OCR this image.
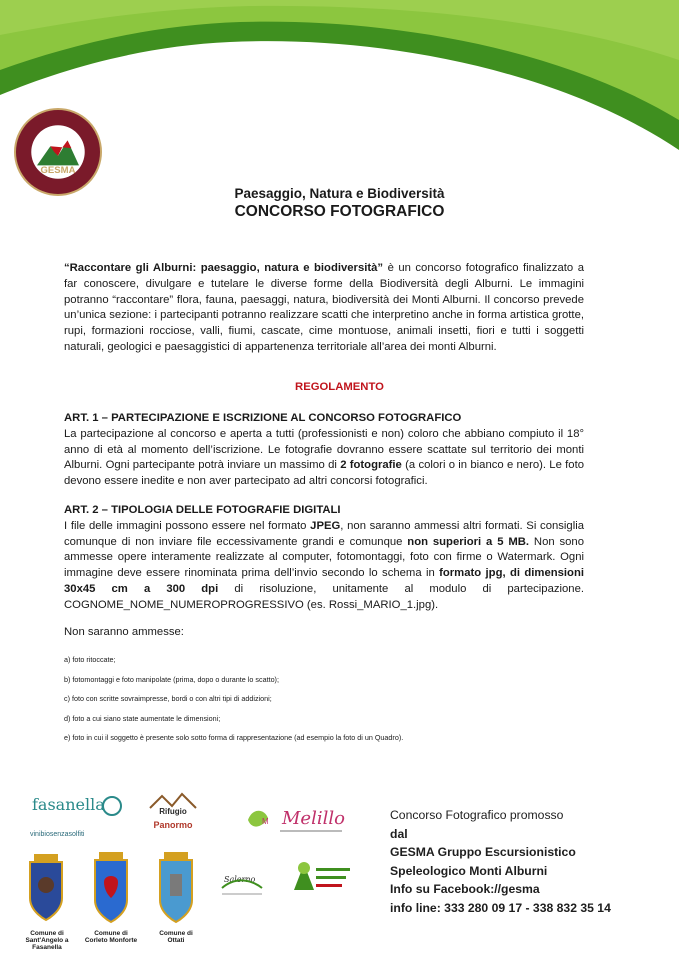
GESMA

Paesaggio, Natura e Biodiversità

CONCORSO FOTOGRAFICO

“Raccontare gli Alburni: paesaggio, natura e biodiversità” è un concorso fotografico finalizzato a far conoscere, divulgare e tutelare le diverse forme della Biodiversità degli Alburni. Le immagini potranno “raccontare” flora, fauna, paesaggi, natura, biodiversità dei Monti Alburni. Il concorso prevede un’unica sezione: i partecipanti potranno realizzare scatti che interpretino anche in forma artistica grotte, rupi, formazioni rocciose, valli, fiumi, cascate, cime montuose, animali insetti, fiori e tutti i soggetti naturali, geologici e paesaggistici di appartenenza territoriale all’area dei monti Alburni.
REGOLAMENTO
ART. 1 – PARTECIPAZIONE E ISCRIZIONE AL CONCORSO FOTOGRAFICO
La partecipazione al concorso e aperta a tutti (professionisti e non) coloro che abbiano compiuto il 18° anno di età al momento dell’iscrizione. Le fotografie dovranno essere scattate sul territorio dei monti Alburni. Ogni partecipante potrà inviare un massimo di 2 fotografie (a colori o in bianco e nero). Le foto devono essere inedite e non aver partecipato ad altri concorsi fotografici.
ART. 2 – TIPOLOGIA DELLE FOTOGRAFIE DIGITALI
I file delle immagini possono essere nel formato JPEG, non saranno ammessi altri formati. Si consiglia comunque di non inviare file eccessivamente grandi e comunque non superiori a 5 MB. Non sono ammesse opere interamente realizzate al computer, fotomontaggi, foto con firme o Watermark. Ogni immagine deve essere rinominata prima dell’invio secondo lo schema in formato jpg, di dimensioni 30x45 cm a 300 dpi di risoluzione, unitamente al modulo di partecipazione. COGNOME_NOME_NUMEROPROGRESSIVO (es. Rossi_MARIO_1.jpg).
Non saranno ammesse:
a) foto ritoccate;
b) fotomontaggi e foto manipolate (prima, dopo o durante lo scatto);
c) foto con scritte sovraimpresse, bordi o con altri tipi di addizioni;
d) foto a cui siano state aumentate le dimensioni;
e) foto in cui il soggetto è presente solo sotto forma di rappresentazione (ad esempio la foto di un Quadro).
fasanella
vinibiosenzasolfiti
Rifugio
Panormo	M Melillo
Salerno
Comune di
Sant'Angelo a Fasanella
Comune di
Corleto Monforte
Comune di
Ottati
Concorso Fotografico promosso
dal
GESMA Gruppo Escursionistico
Speleologico Monti Alburni
Info su Facebook://gesma
info line: 333 280 09 17 - 338 832 35 14
